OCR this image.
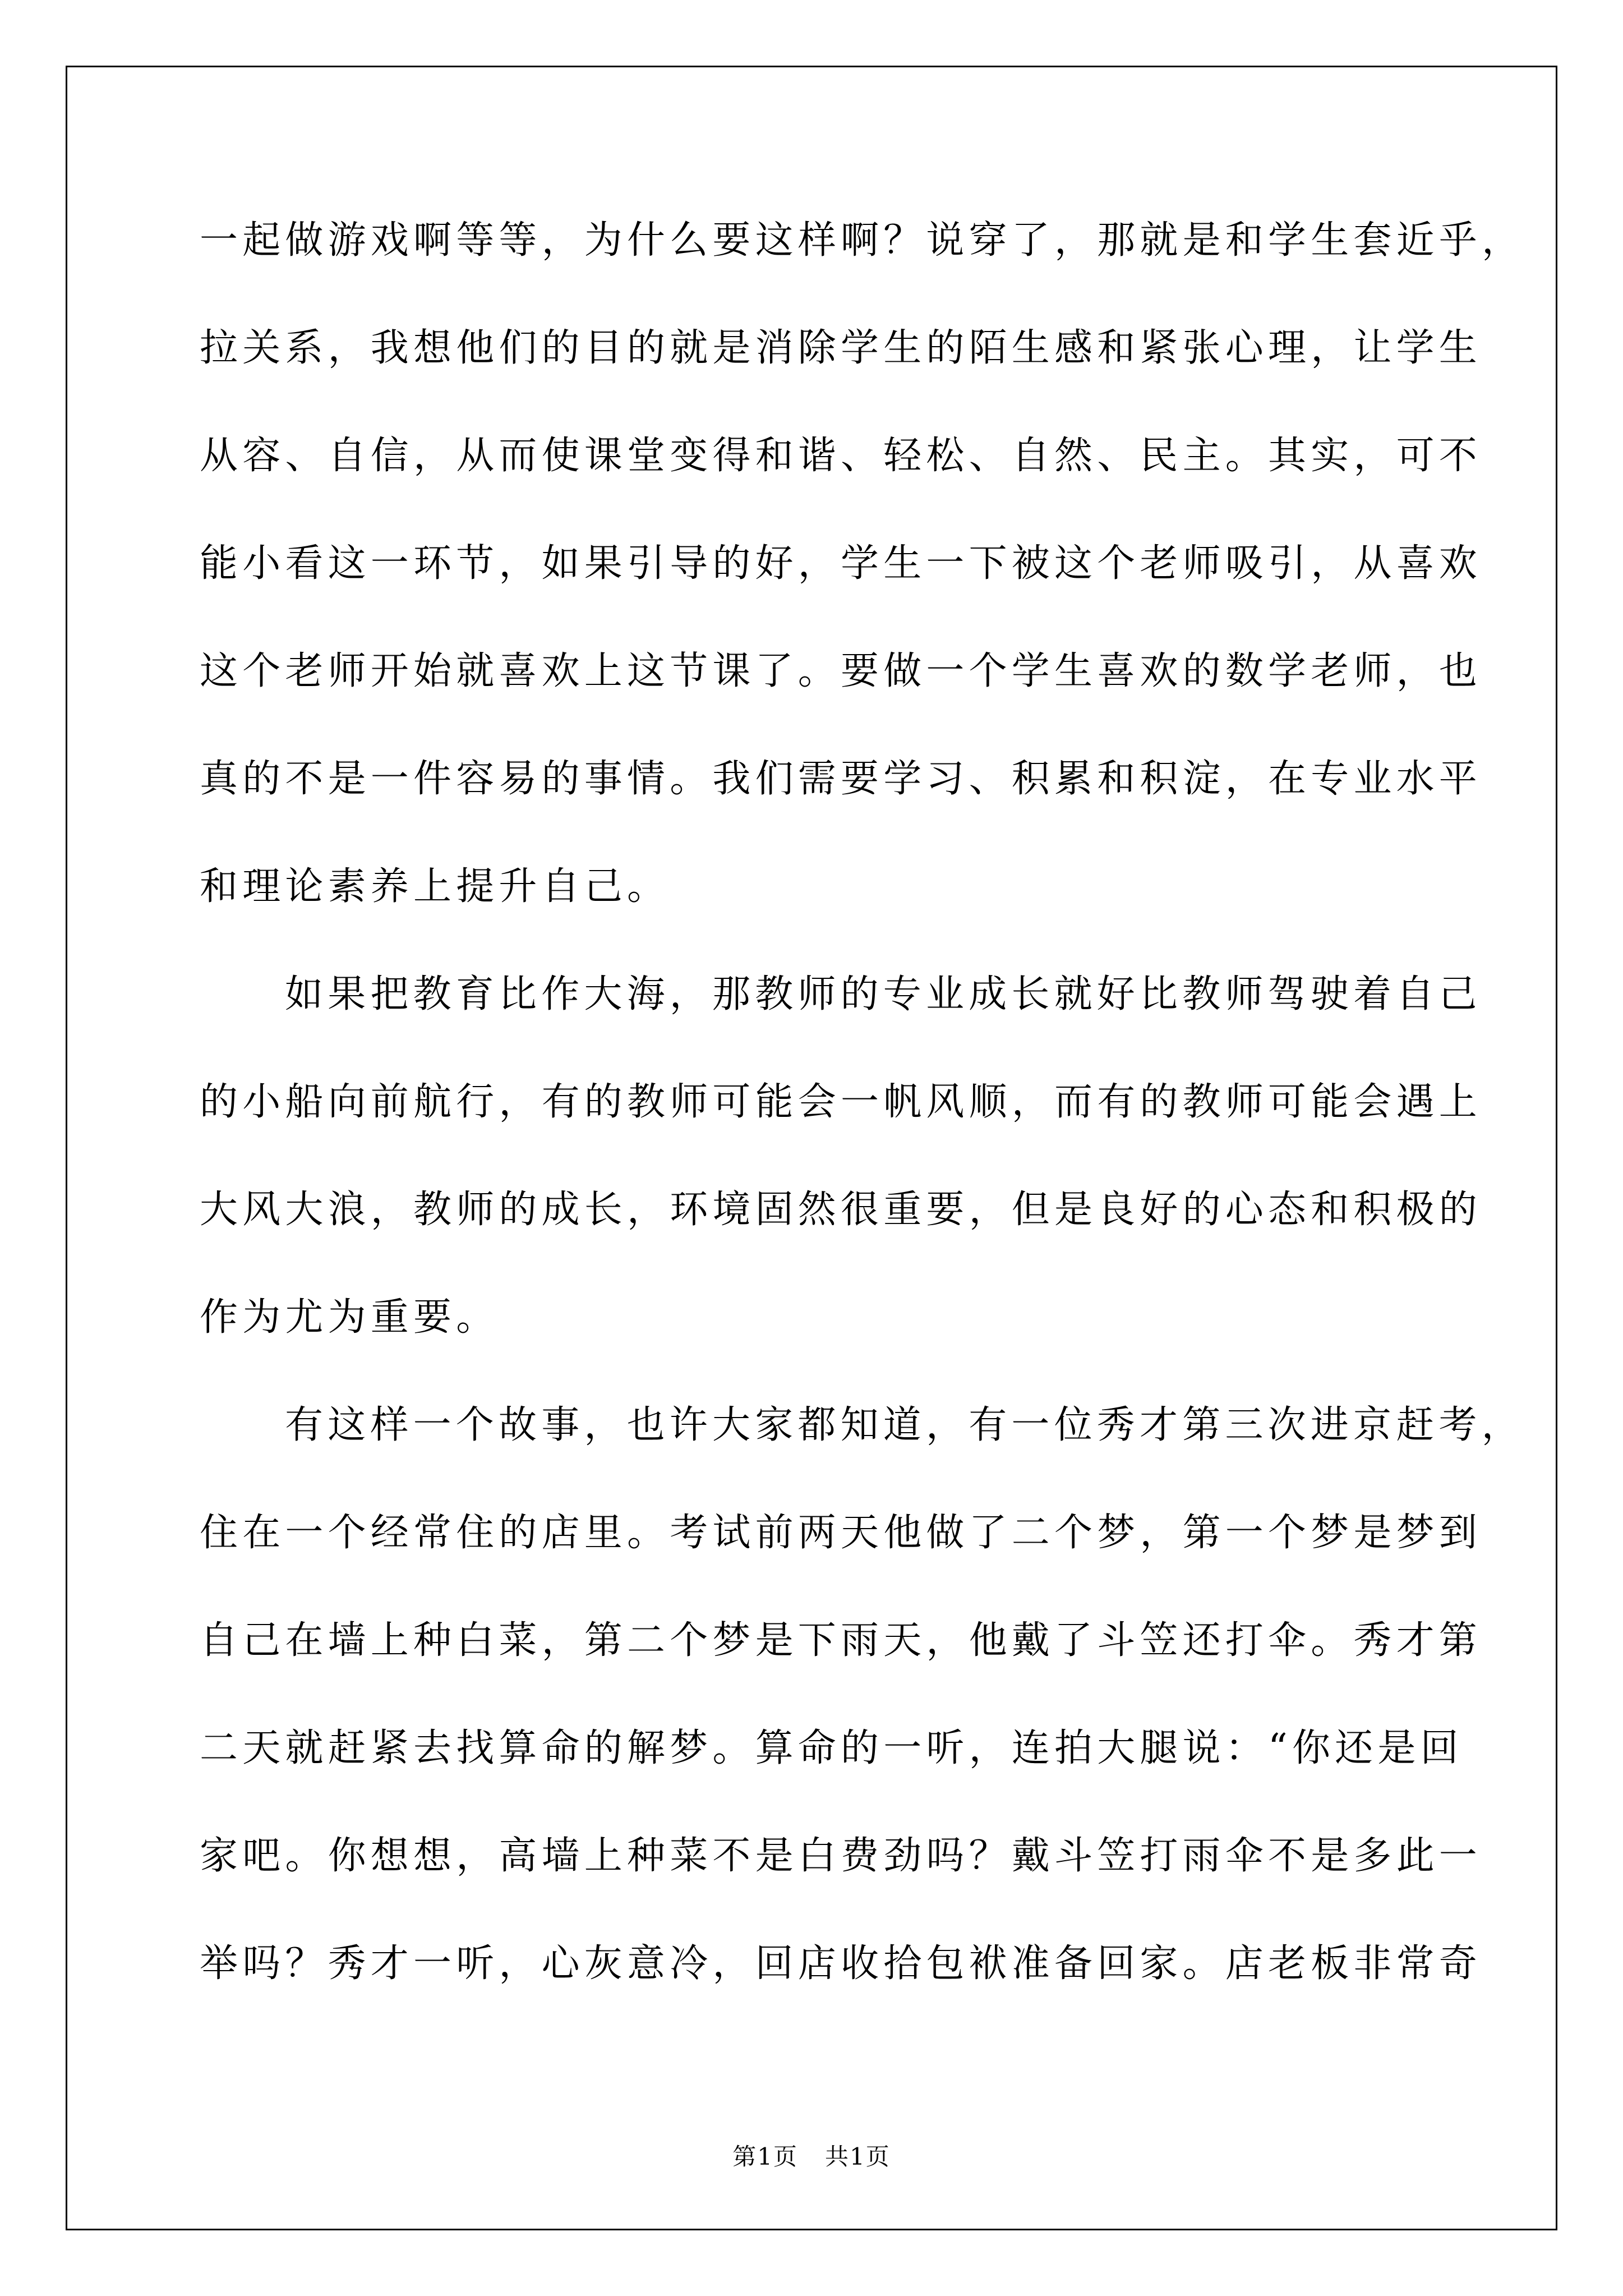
一起做游戏啊等等，为什么要这样啊？说穿了，那就是和学生套近乎，
拉关系，我想他们的目的就是消除学生的陌生感和紧张心理，让学生
从容、自信，从而使课堂变得和谐、轻松、自然、民主。其实，可不
能小看这一环节，如果引导的好，学生一下被这个老师吸引，从喜欢
这个老师开始就喜欢上这节课了。要做一个学生喜欢的数学老师，也
真的不是一件容易的事情。我们需要学习、积累和积淀，在专业水平
和理论素养上提升自己。
如果把教育比作大海，那教师的专业成长就好比教师驾驶着自己
的小船向前航行，有的教师可能会一帆风顺，而有的教师可能会遇上
大风大浪，教师的成长，环境固然很重要，但是良好的心态和积极的
作为尤为重要。
有这样一个故事，也许大家都知道，有一位秀才第三次进京赶考，
住在一个经常住的店里。考试前两天他做了二个梦，第一个梦是梦到
自己在墙上种白菜，第二个梦是下雨天，他戴了斗笠还打伞。秀才第
二天就赶紧去找算命的解梦。算命的一听，连拍大腿说：“你还是回
家吧。你想想，高墙上种菜不是白费劲吗？戴斗笠打雨伞不是多此一
举吗？秀才一听，心灰意冷，回店收拾包袱准备回家。店老板非常奇
第1页 共1页
